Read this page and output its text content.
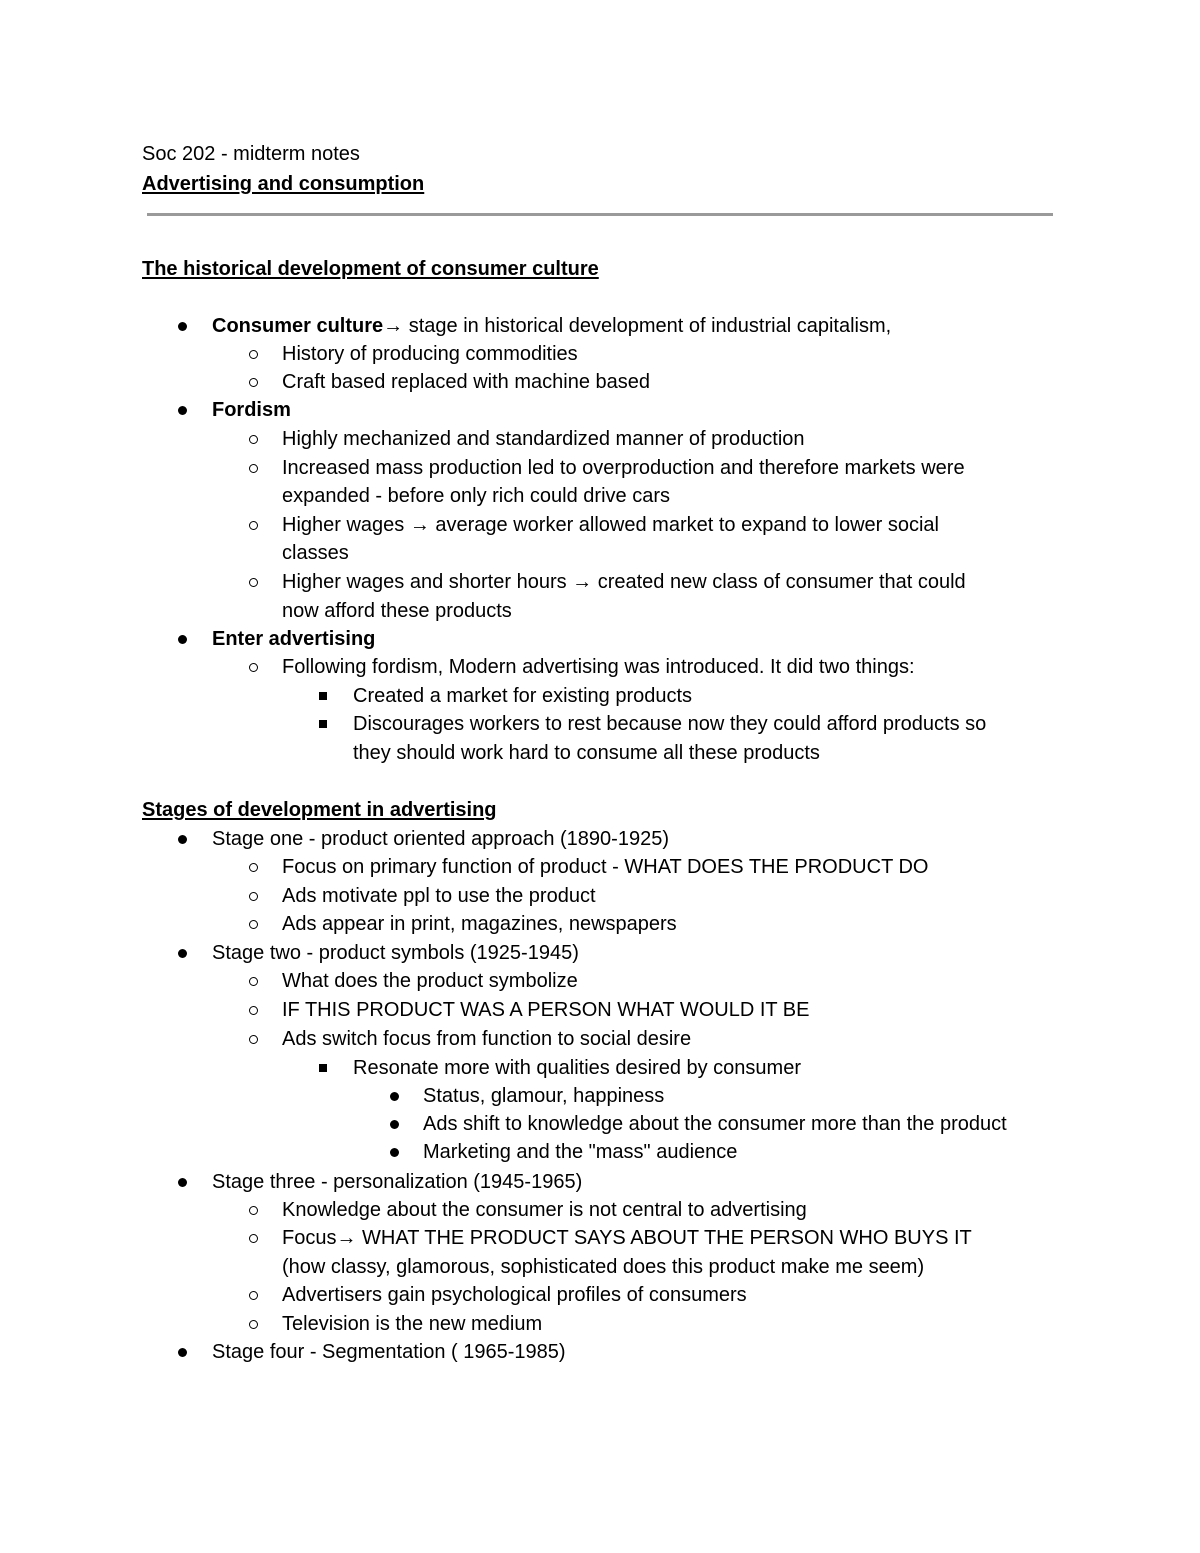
Soc 202 - midterm notes
Advertising and consumption
The historical development of consumer culture
Consumer culture→ stage in historical development of industrial capitalism,
History of producing commodities
Craft based replaced with machine based
Fordism
Highly mechanized and standardized manner of production
Increased mass production led to overproduction and therefore markets were
expanded - before only rich could drive cars
Higher wages → average worker allowed market to expand to lower social
classes
Higher wages and shorter hours → created new class of consumer that could
now afford these products
Enter advertising
Following fordism, Modern advertising was introduced. It did two things:
Created a market for existing products
Discourages workers to rest because now they could afford products so
they should work hard to consume all these products
Stages of development in advertising
Stage one - product oriented approach (1890-1925)
Focus on primary function of product - WHAT DOES THE PRODUCT DO
Ads motivate ppl to use the product
Ads appear in print, magazines, newspapers
Stage two - product symbols (1925-1945)
What does the product symbolize
IF THIS PRODUCT WAS A PERSON WHAT WOULD IT BE
Ads switch focus from function to social desire
Resonate more with qualities desired by consumer
Status, glamour, happiness
Ads shift to knowledge about the consumer more than the product
Marketing and the "mass" audience
Stage three - personalization (1945-1965)
Knowledge about the consumer is not central to advertising
Focus→ WHAT THE PRODUCT SAYS ABOUT THE PERSON WHO BUYS IT
(how classy, glamorous, sophisticated does this product make me seem)
Advertisers gain psychological profiles of consumers
Television is the new medium
Stage four - Segmentation ( 1965-1985)
